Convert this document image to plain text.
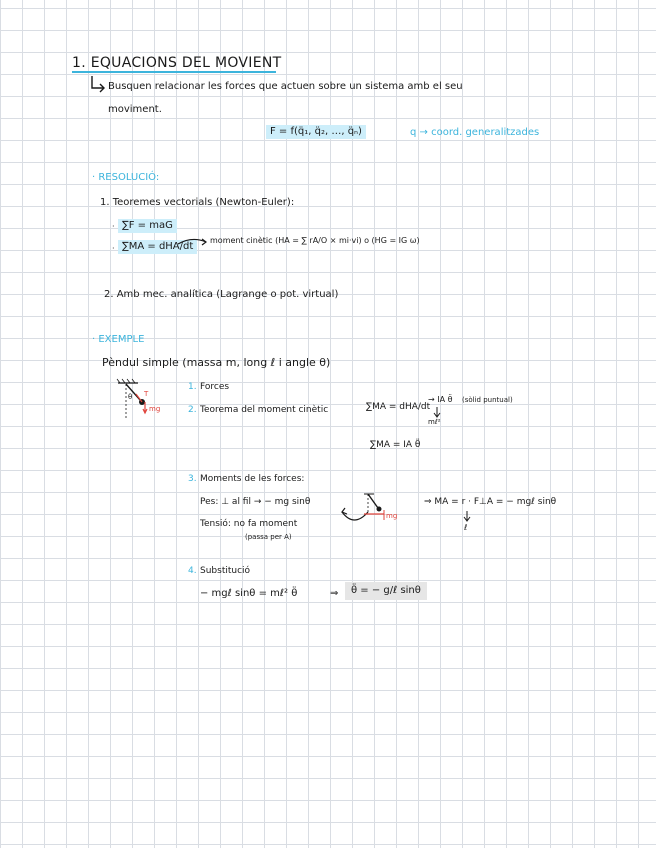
1. EQUACIONS DEL MOVIENT
Busquen relacionar les forces que actuen sobre un sistema amb el seu
moviment.
F = f(q̈₁, q̈₂, …, q̈ₙ)	q → coord. generalitzades
· RESOLUCIÓ:
1. Teoremes vectorials (Newton-Euler):
· ∑F = maG
· ∑MA = dHA/dt
moment cinètic (HA = ∑ rA/O × mi·vi) o (HG = IG ω)
2. Amb mec. analítica (Lagrange o pot. virtual)
· EXEMPLE
Pèndul simple (massa m, long ℓ i angle θ)
θ T
mg
1. Forces
2. Teorema del moment cinètic	∑MA = dHA/dt
→ IA θ̈ (sòlid puntual)
mℓ²
∑MA = IA θ̈
3. Moments de les forces:
Pes: ⊥ al fil → − mg sinθ
Tensió: no fa moment
(passa per A)
mg
⇒ MA = r · F⊥A = − mgℓ sinθ
ℓ
4. Substitució
− mgℓ sinθ = mℓ² θ̈	⇒	θ̈ = − g/ℓ sinθ
